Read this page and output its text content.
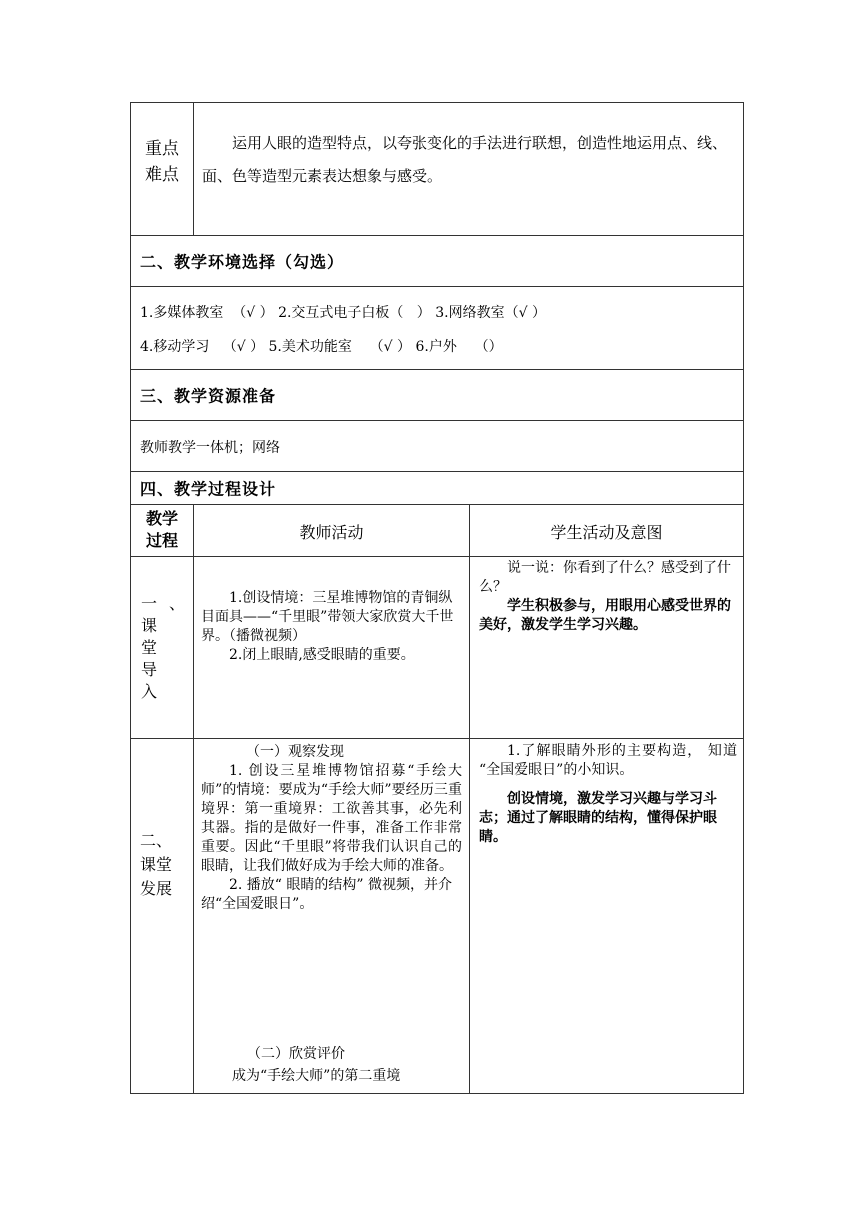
重点
难点

运用人眼的造型特点，以夸张变化的手法进行联想，创造性地运用点、线、面、色等造型元素表达想象与感受。

二、教学环境选择（勾选）
1.多媒体教室  （√ ） 2.交互式电子白板（   ） 3.网络教室（√ ）
4.移动学习   （√ ） 5.美术功能室    （√ ） 6.户外    （）
三、教学资源准备
教师教学一体机；网络
四、教学过程设计
教学
过程	教师活动	学生活动及意图
一、课堂导入

1.创设情境：三星堆博物馆的青铜纵目面具——“千里眼”带领大家欣赏大千世界。（播微视频）

2.闭上眼睛,感受眼睛的重要。

说一说：你看到了什么？感受到了什么？

学生积极参与，用眼用心感受世界的美好，激发学生学习兴趣。

二、课堂发展

（一）观察发现

1. 创设三星堆博物馆招募“手绘大师”的情境：要成为“手绘大师”要经历三重境界：第一重境界：工欲善其事，必先利其器。指的是做好一件事，准备工作非常重要。因此“千里眼”将带我们认识自己的眼睛，让我们做好成为手绘大师的准备。

2. 播放“ 眼睛的结构” 微视频，并介绍“全国爱眼日”。

（二）欣赏评价

成为“手绘大师”的第二重境

1.了解眼睛外形的主要构造， 知道 “全国爱眼日”的小知识。

创设情境，激发学习兴趣与学习斗志；通过了解眼睛的结构，懂得保护眼睛。
